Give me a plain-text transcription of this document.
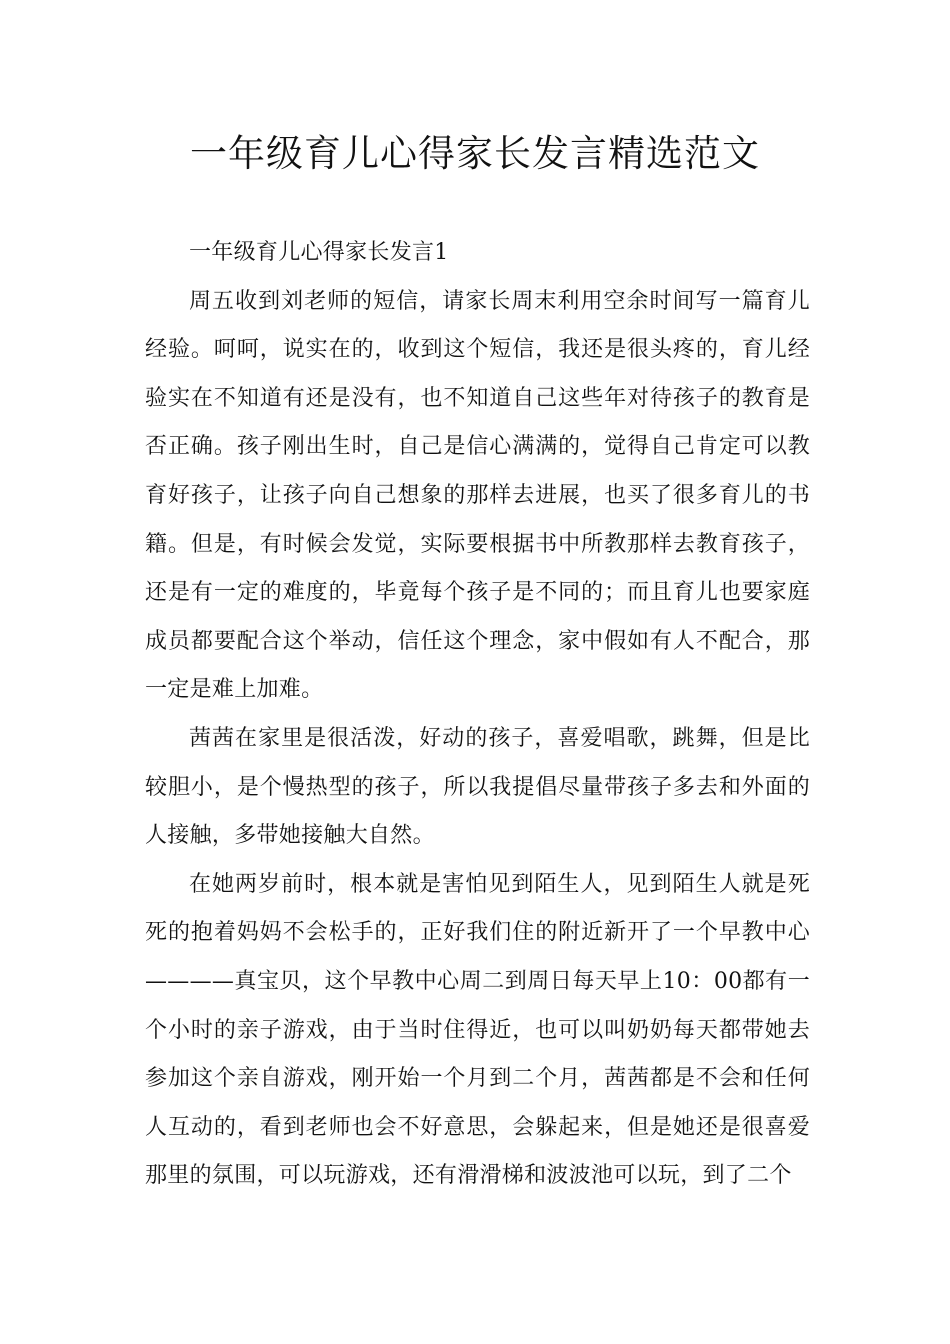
一年级育儿心得家长发言精选范文

一年级育儿心得家长发言1

周五收到刘老师的短信，请家长周末利用空余时间写一篇育儿经验。呵呵，说实在的，收到这个短信，我还是很头疼的，育儿经验实在不知道有还是没有，也不知道自己这些年对待孩子的教育是否正确。孩子刚出生时，自己是信心满满的，觉得自己肯定可以教育好孩子，让孩子向自己想象的那样去进展，也买了很多育儿的书籍。但是，有时候会发觉，实际要根据书中所教那样去教育孩子，还是有一定的难度的，毕竟每个孩子是不同的；而且育儿也要家庭成员都要配合这个举动，信任这个理念，家中假如有人不配合，那一定是难上加难。

茜茜在家里是很活泼，好动的孩子，喜爱唱歌，跳舞，但是比较胆小，是个慢热型的孩子，所以我提倡尽量带孩子多去和外面的人接触，多带她接触大自然。

在她两岁前时，根本就是害怕见到陌生人，见到陌生人就是死死的抱着妈妈不会松手的，正好我们住的附近新开了一个早教中心————真宝贝，这个早教中心周二到周日每天早上10：00都有一个小时的亲子游戏，由于当时住得近，也可以叫奶奶每天都带她去参加这个亲自游戏，刚开始一个月到二个月，茜茜都是不会和任何人互动的，看到老师也会不好意思，会躲起来，但是她还是很喜爱那里的氛围，可以玩游戏，还有滑滑梯和波波池可以玩，到了二个
